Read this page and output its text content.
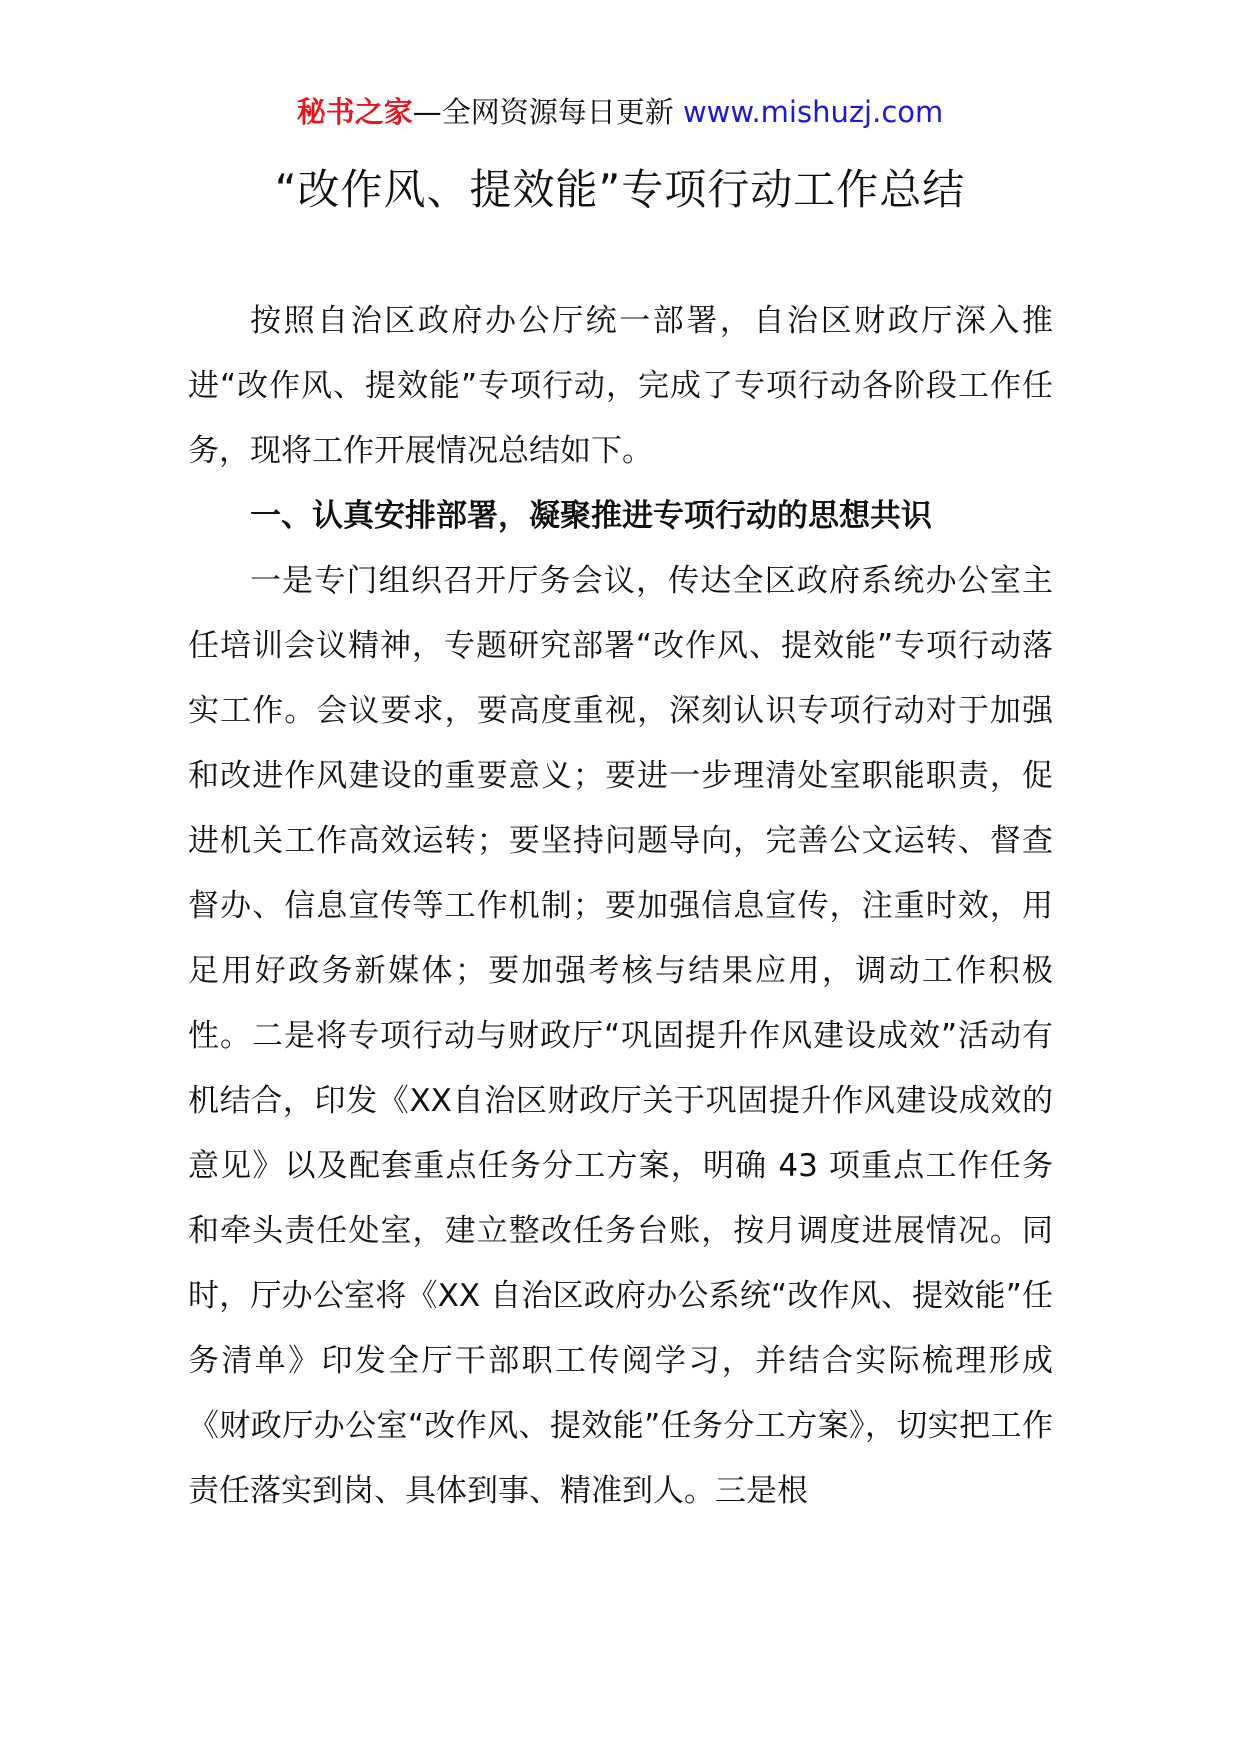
秘书之家—全网资源每日更新 www.mishuzj.com
“改作风、提效能”专项行动工作总结

按照自治区政府办公厅统一部署，自治区财政厅深入推进“改作风、提效能”专项行动，完成了专项行动各阶段工作任务，现将工作开展情况总结如下。

一、认真安排部署，凝聚推进专项行动的思想共识

一是专门组织召开厅务会议，传达全区政府系统办公室主任培训会议精神，专题研究部署“改作风、提效能”专项行动落实工作。会议要求，要高度重视，深刻认识专项行动对于加强和改进作风建设的重要意义；要进一步理清处室职能职责，促进机关工作高效运转；要坚持问题导向，完善公文运转、督查督办、信息宣传等工作机制；要加强信息宣传，注重时效，用足用好政务新媒体；要加强考核与结果应用，调动工作积极性。二是将专项行动与财政厅“巩固提升作风建设成效”活动有机结合，印发《XX自治区财政厅关于巩固提升作风建设成效的意见》以及配套重点任务分工方案，明确 43 项重点工作任务和牵头责任处室，建立整改任务台账，按月调度进展情况。同时，厅办公室将《XX 自治区政府办公系统“改作风、提效能”任务清单》印发全厅干部职工传阅学习，并结合实际梳理形成《财政厅办公室“改作风、提效能”任务分工方案》，切实把工作责任落实到岗、具体到事、精准到人。三是根
